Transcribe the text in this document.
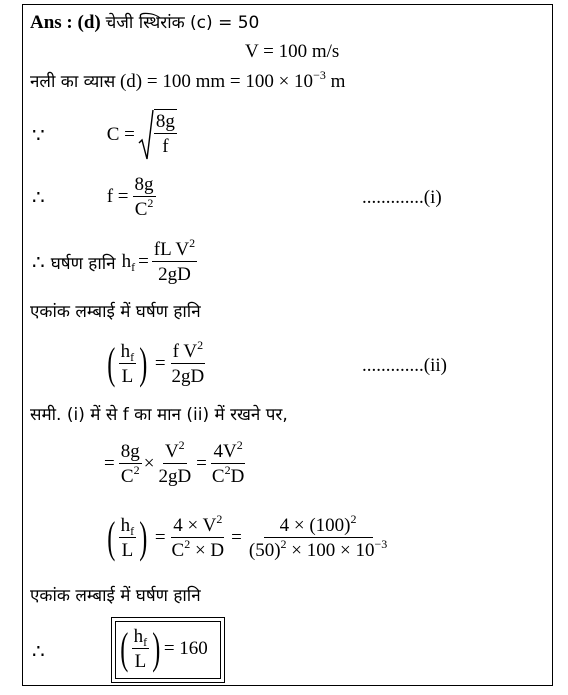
Ans : (d) चेजी स्थिरांक (c) = 50
V = 100 m/s
नली का व्यास (d) = 100 mm = $100 \times 10^{-3}$ m
∵	$C = \frac{8g}{f}$
∴	$f = \frac{8g}{C^2}$	.............(i)
∴ घर्षण हानि $h_f = \frac{fL V^2}{2gD}$
एकांक लम्बाई में घर्षण हानि
( $\frac{h_f}{L}$ ) = $\frac{f V^2}{2gD}$	.............(ii)
समी. (i) में से f का मान (ii) में रखने पर,
= $\frac{8g}{C^2} \times \frac{V^2}{2gD} = \frac{4V^2}{C^2D}$
( $\frac{h_f}{L}$ ) = $\frac{4 \times V^2}{C^2 \times D} = \frac{4 \times (100)^2}{(50)^2 \times 100 \times 10^{-3}}$
एकांक लम्बाई में घर्षण हानि
∴ ( $\frac{h_f}{L}$ ) = 160
